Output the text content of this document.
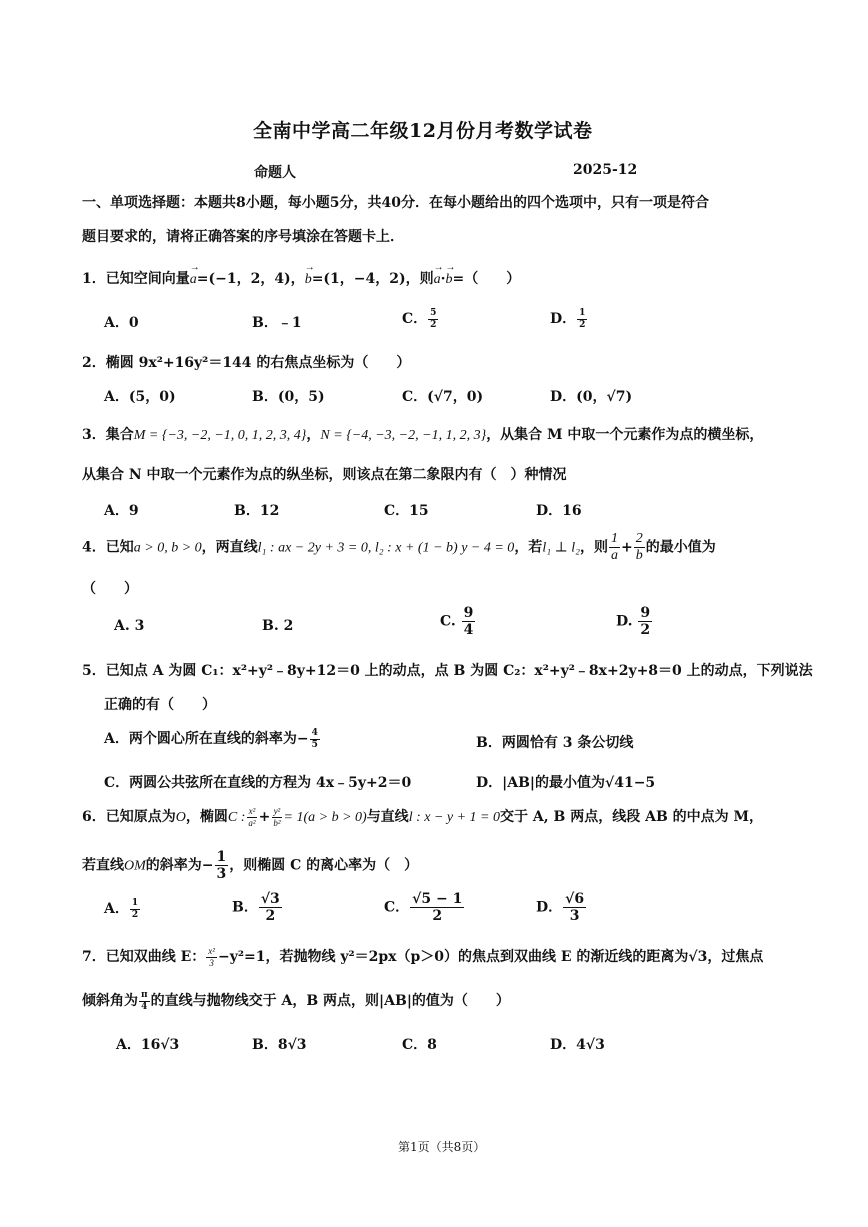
全南中学高二年级12月份月考数学试卷
命题人	2025-12
一、单项选择题：本题共8小题，每小题5分，共40分．在每小题给出的四个选项中，只有一项是符合
题目要求的，请将正确答案的序号填涂在答题卡上．
1．已知空间向量→ a=(−1，2，4)，→ b=(1，−4，2)，则→ a·→ b=（　　）
A．0	B．﹣1	C． $\frac{5}{2}$	D． $\frac{1}{2}$
2．椭圆 9x²+16y²＝144 的右焦点坐标为（　　）
A．(5，0)	B．(0，5)	C．(√7，0)	D．(0，√7)
3．集合M = {−3, −2, −1, 0, 1, 2, 3, 4}，N = {−4, −3, −2, −1, 1, 2, 3}，从集合 M 中取一个元素作为点的横坐标，
从集合 N 中取一个元素作为点的纵坐标，则该点在第二象限内有（　）种情况
A．9	B．12	C．15	D．16
4．已知a > 0, b > 0，两直线l₁ : ax − 2y + 3 = 0, l₂ : x + (1 − b) y − 4 = 0，若l₁ ⊥ l₂，则 $\frac{1}{a} + \frac{2}{b}$ 的最小值为
（　　）
A. 3	B. 2	C. $\frac{9}{4}$	D. $\frac{9}{2}$
5．已知点 A 为圆 C₁：x²+y²﹣8y+12＝0 上的动点，点 B 为圆 C₂：x²+y²﹣8x+2y+8＝0 上的动点，下列说法
正确的有（　　）
A．两个圆心所在直线的斜率为− $\frac{4}{5}$	B．两圆恰有 3 条公切线
C．两圆公共弦所在直线的方程为 4x﹣5y+2＝0	D．|AB|的最小值为√41−5
6．已知原点为O，椭圆C : $\frac{\text{x²}}{\text{a²}} + \frac{\text{y²}}{\text{b²}} = 1(a > b > 0)$与直线l : x − y + 1 = 0交于 A, B 两点，线段 AB 的中点为 M，
若直线OM的斜率为− $\frac{1}{3}$ ，则椭圆 C 的离心率为（　）
A． $\frac{1}{2}$	B． $\frac{√3}{2}$	C． $\frac{√5 - 1}{2}$	D． $\frac{√6}{3}$
7．已知双曲线 E： $\frac{\text{x²}}{3} -y^2=1$，若抛物线 y²＝2px（p＞0）的焦点到双曲线 E 的渐近线的距离为√3，过焦点
倾斜角为 $\frac{\pi}{4}$ 的直线与抛物线交于 A，B 两点，则|AB|的值为（　　）
A．16√3	B．8√3	C．8	D．4√3
第1页（共8页）
